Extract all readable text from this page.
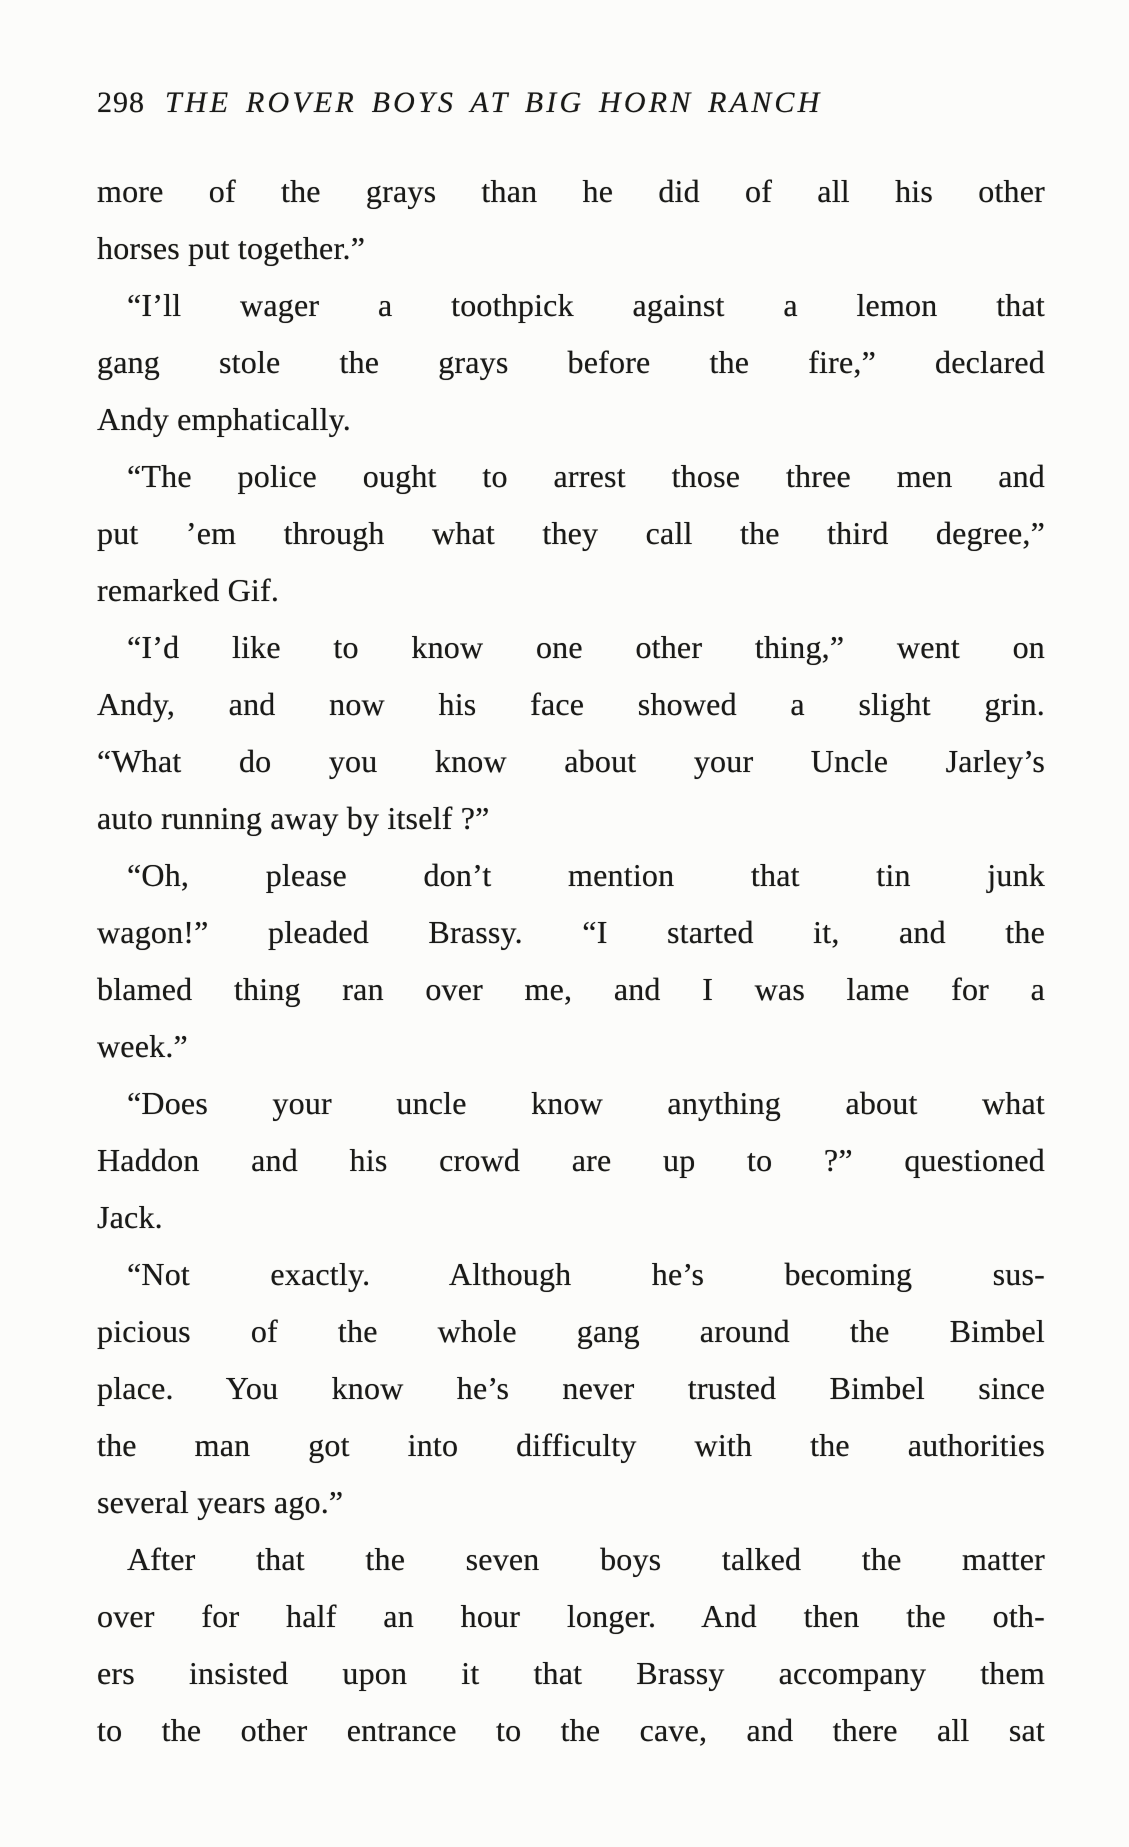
298 THE ROVER BOYS AT BIG HORN RANCH
more of the grays than he did of all his other
horses put together.”
“I’ll wager a toothpick against a lemon that
gang stole the grays before the fire,” declared
Andy emphatically.
“The police ought to arrest those three men and
put ’em through what they call the third degree,”
remarked Gif.
“I’d like to know one other thing,” went on
Andy, and now his face showed a slight grin.
“What do you know about your Uncle Jarley’s
auto running away by itself ?”
“Oh, please don’t mention that tin junk
wagon!” pleaded Brassy. “I started it, and the
blamed thing ran over me, and I was lame for a
week.”
“Does your uncle know anything about what
Haddon and his crowd are up to ?” questioned
Jack.
“Not exactly. Although he’s becoming sus-
picious of the whole gang around the Bimbel
place. You know he’s never trusted Bimbel since
the man got into difficulty with the authorities
several years ago.”
After that the seven boys talked the matter
over for half an hour longer. And then the oth-
ers insisted upon it that Brassy accompany them
to the other entrance to the cave, and there all sat
